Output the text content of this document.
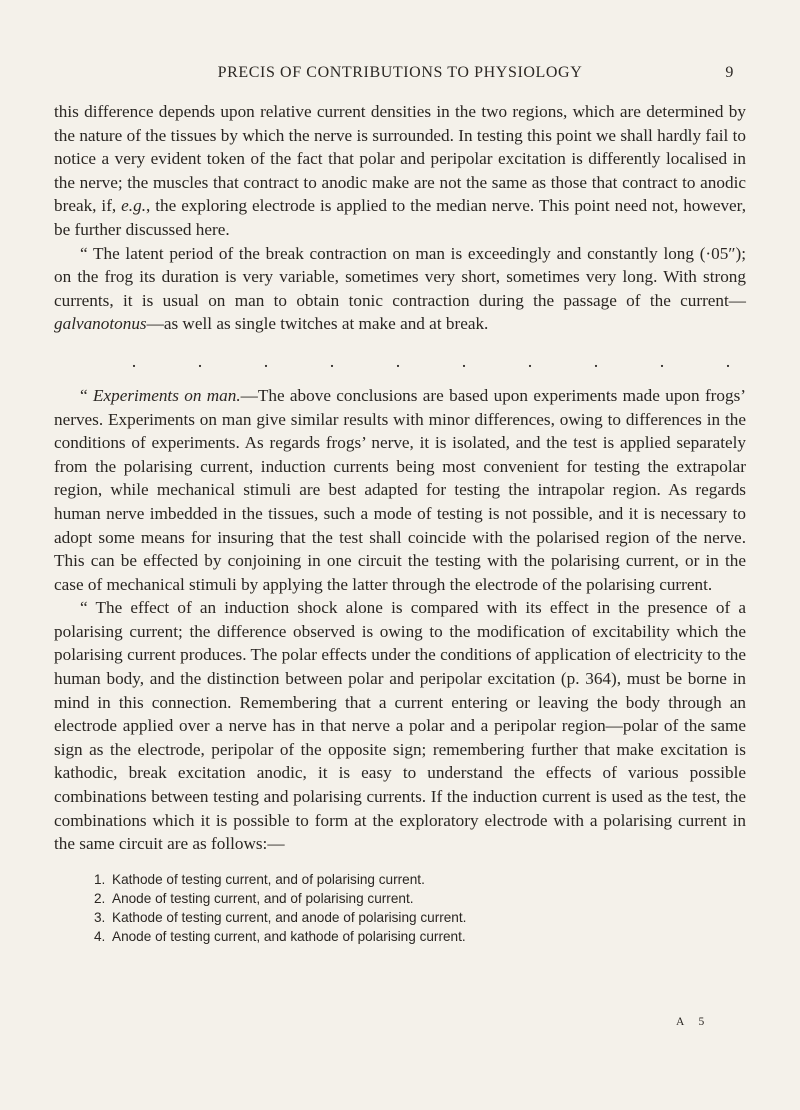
PRECIS OF CONTRIBUTIONS TO PHYSIOLOGY	9

this difference depends upon relative current densities in the two regions, which are determined by the nature of the tissues by which the nerve is surrounded. In testing this point we shall hardly fail to notice a very evident token of the fact that polar and peripolar excitation is differently localised in the nerve; the muscles that contract to anodic make are not the same as those that contract to anodic break, if, e.g., the exploring electrode is applied to the median nerve. This point need not, however, be further discussed here.

“ The latent period of the break contraction on man is exceedingly and constantly long (·05″); on the frog its duration is very variable, sometimes very short, sometimes very long. With strong currents, it is usual on man to obtain tonic contraction during the passage of the current—galvanotonus—as well as single twitches at make and at break.

.	.	.	.	.	.	.	.	.	.

“ Experiments on man.—The above conclusions are based upon experiments made upon frogs’ nerves. Experiments on man give similar results with minor differences, owing to differences in the conditions of experiments. As regards frogs’ nerve, it is isolated, and the test is applied separately from the polarising current, induction currents being most convenient for testing the extrapolar region, while mechanical stimuli are best adapted for testing the intrapolar region. As regards human nerve imbedded in the tissues, such a mode of testing is not possible, and it is necessary to adopt some means for insuring that the test shall coincide with the polarised region of the nerve. This can be effected by conjoining in one circuit the testing with the polarising current, or in the case of mechanical stimuli by applying the latter through the electrode of the polarising current.

“ The effect of an induction shock alone is compared with its effect in the presence of a polarising current; the difference observed is owing to the modification of excitability which the polarising current produces. The polar effects under the conditions of application of electricity to the human body, and the distinction between polar and peripolar excitation (p. 364), must be borne in mind in this connection. Remembering that a current entering or leaving the body through an electrode applied over a nerve has in that nerve a polar and a peripolar region—polar of the same sign as the electrode, peripolar of the opposite sign; remembering further that make excitation is kathodic, break excitation anodic, it is easy to understand the effects of various possible combinations between testing and polarising currents. If the induction current is used as the test, the combinations which it is possible to form at the exploratory electrode with a polarising current in the same circuit are as follows:—

1. Kathode of testing current, and of polarising current.
2. Anode of testing current, and of polarising current.
3. Kathode of testing current, and anode of polarising current.
4. Anode of testing current, and kathode of polarising current.
A 5
